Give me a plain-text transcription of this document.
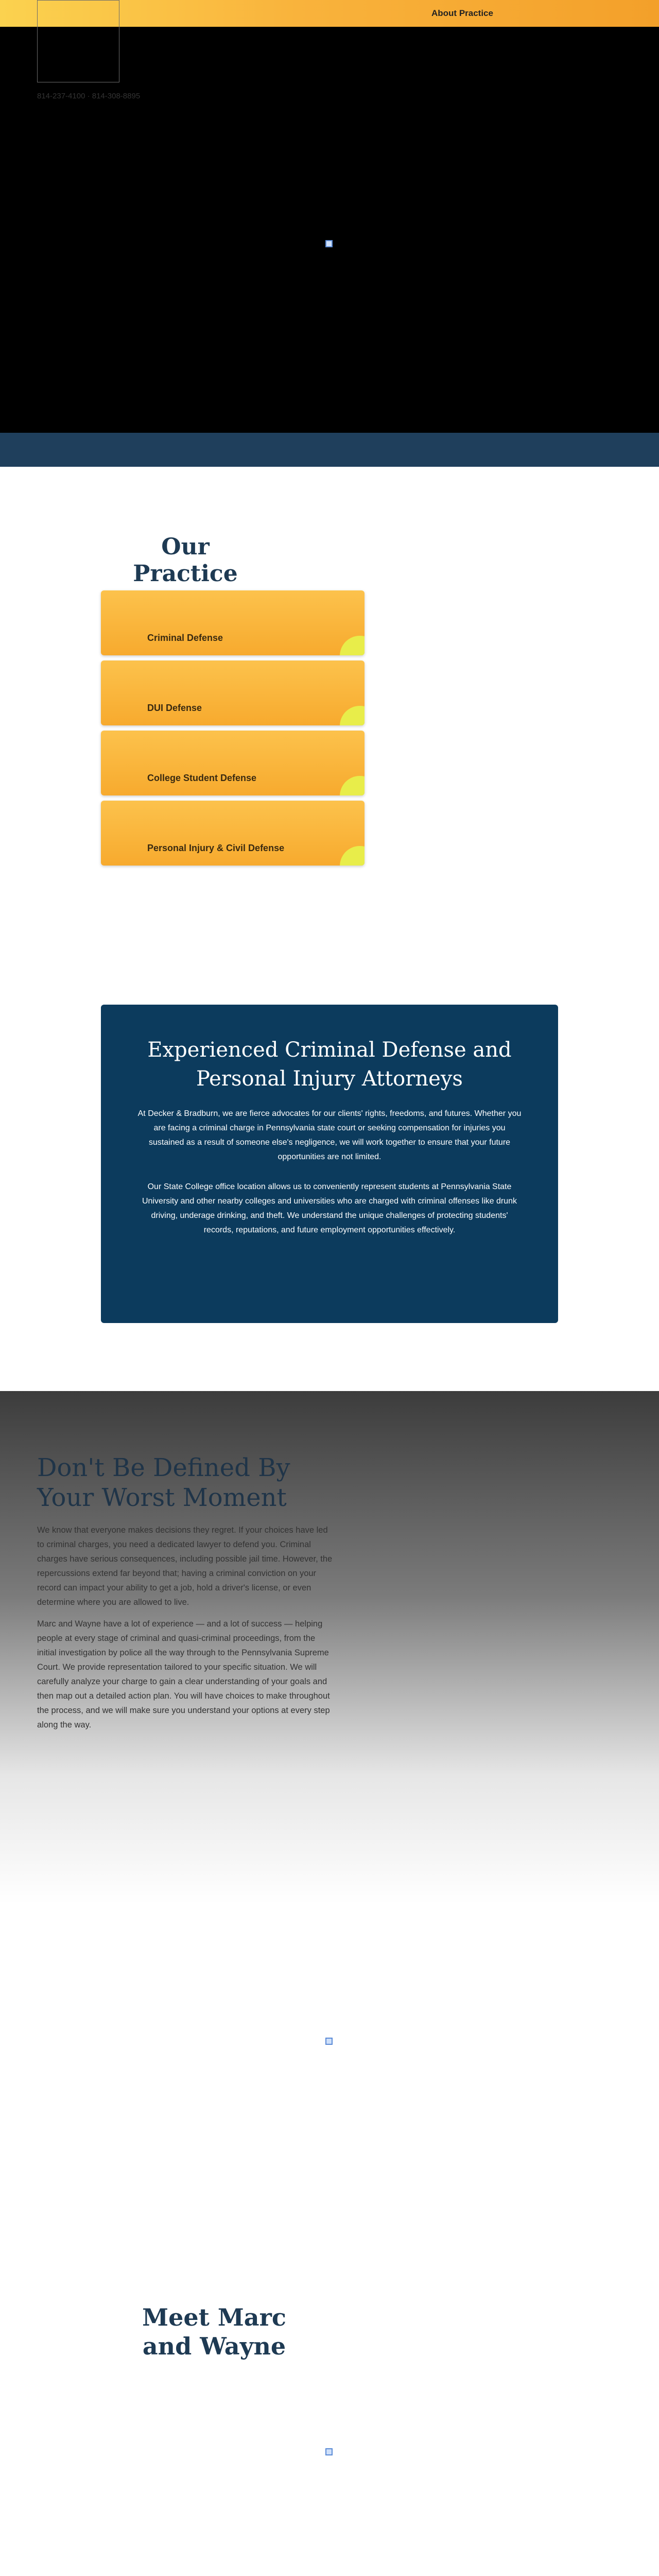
About Practice
814-237-4100 · 814-308-8895
Our Practice
Criminal Defense
DUI Defense
College Student Defense
Personal Injury & Civil Defense
Experienced Criminal Defense and Personal Injury Attorneys

At Decker & Bradburn, we are fierce advocates for our clients' rights, freedoms, and futures. Whether you are facing a criminal charge in Pennsylvania state court or seeking compensation for injuries you sustained as a result of someone else's negligence, we will work together to ensure that your future opportunities are not limited.

Our State College office location allows us to conveniently represent students at Pennsylvania State University and other nearby colleges and universities who are charged with criminal offenses like drunk driving, underage drinking, and theft. We understand the unique challenges of protecting students' records, reputations, and future employment opportunities effectively.

Don't Be Defined By Your Worst Moment

We know that everyone makes decisions they regret. If your choices have led to criminal charges, you need a dedicated lawyer to defend you. Criminal charges have serious consequences, including possible jail time. However, the repercussions extend far beyond that; having a criminal conviction on your record can impact your ability to get a job, hold a driver's license, or even determine where you are allowed to live.

Marc and Wayne have a lot of experience — and a lot of success — helping people at every stage of criminal and quasi-criminal proceedings, from the initial investigation by police all the way through to the Pennsylvania Supreme Court. We provide representation tailored to your specific situation. We will carefully analyze your charge to gain a clear understanding of your goals and then map out a detailed action plan. You will have choices to make throughout the process, and we will make sure you understand your options at every step along the way.

Meet Marc and Wayne
